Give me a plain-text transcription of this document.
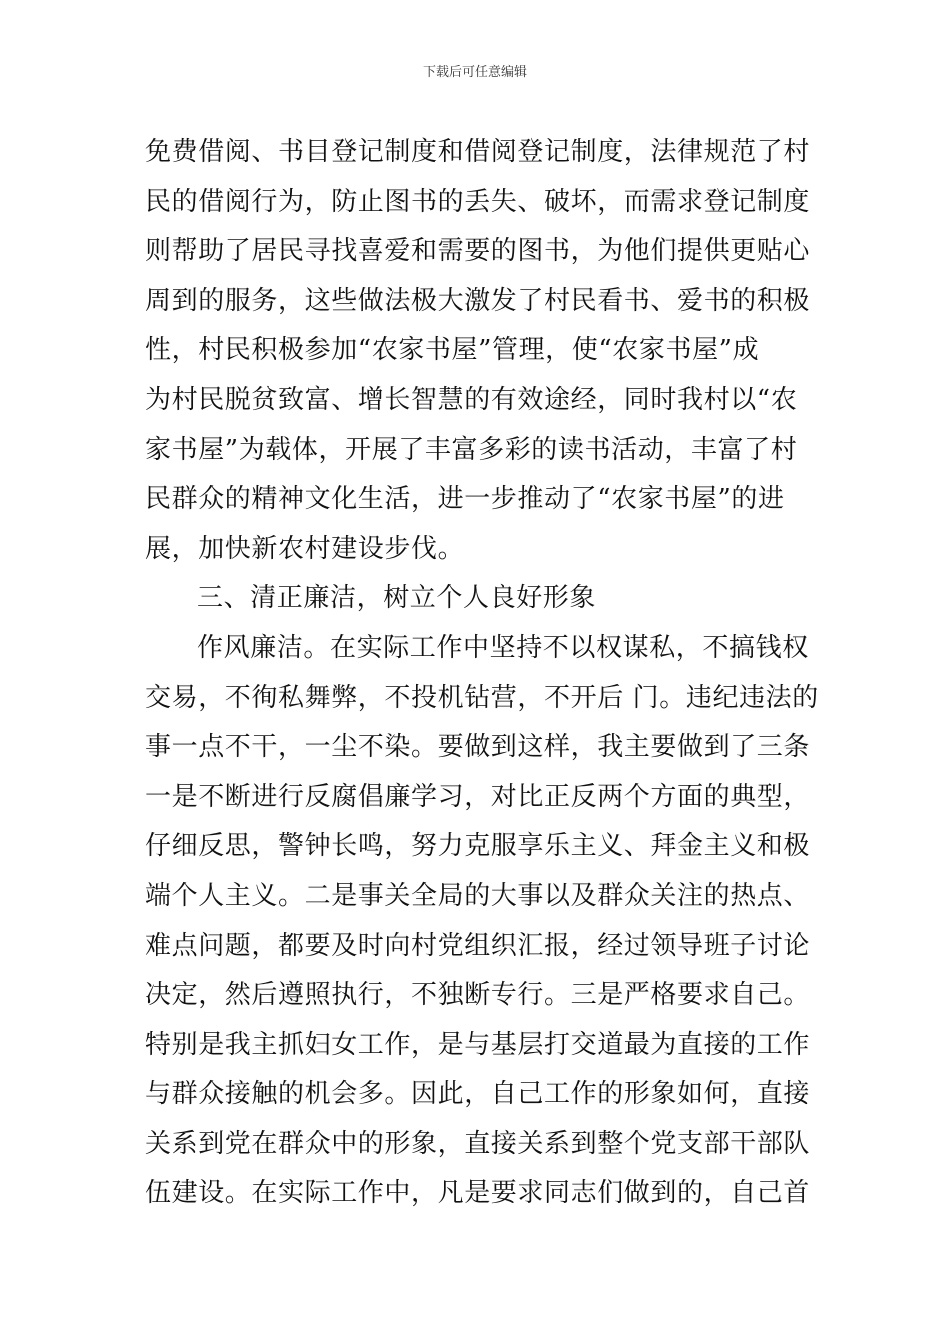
下载后可任意编辑
免费借阅、书目登记制度和借阅登记制度，法律规范了村
民的借阅行为，防止图书的丢失、破坏，而需求登记制度
则帮助了居民寻找喜爱和需要的图书，为他们提供更贴心
周到的服务，这些做法极大激发了村民看书、爱书的积极
性，村民积极参加“农家书屋”管理，使“农家书屋”成
为村民脱贫致富、增长智慧的有效途经，同时我村以“农
家书屋”为载体，开展了丰富多彩的读书活动，丰富了村
民群众的精神文化生活，进一步推动了“农家书屋”的进
展，加快新农村建设步伐。
三、清正廉洁，树立个人良好形象
作风廉洁。在实际工作中坚持不以权谋私，不搞钱权
交易，不徇私舞弊，不投机钻营，不开后 门。违纪违法的
事一点不干，一尘不染。要做到这样，我主要做到了三条
一是不断进行反腐倡廉学习，对比正反两个方面的典型，
仔细反思，警钟长鸣，努力克服享乐主义、拜金主义和极
端个人主义。二是事关全局的大事以及群众关注的热点、
难点问题，都要及时向村党组织汇报，经过领导班子讨论
决定，然后遵照执行，不独断专行。三是严格要求自己。
特别是我主抓妇女工作，是与基层打交道最为直接的工作
与群众接触的机会多。因此，自己工作的形象如何，直接
关系到党在群众中的形象，直接关系到整个党支部干部队
伍建设。在实际工作中，凡是要求同志们做到的，自己首
